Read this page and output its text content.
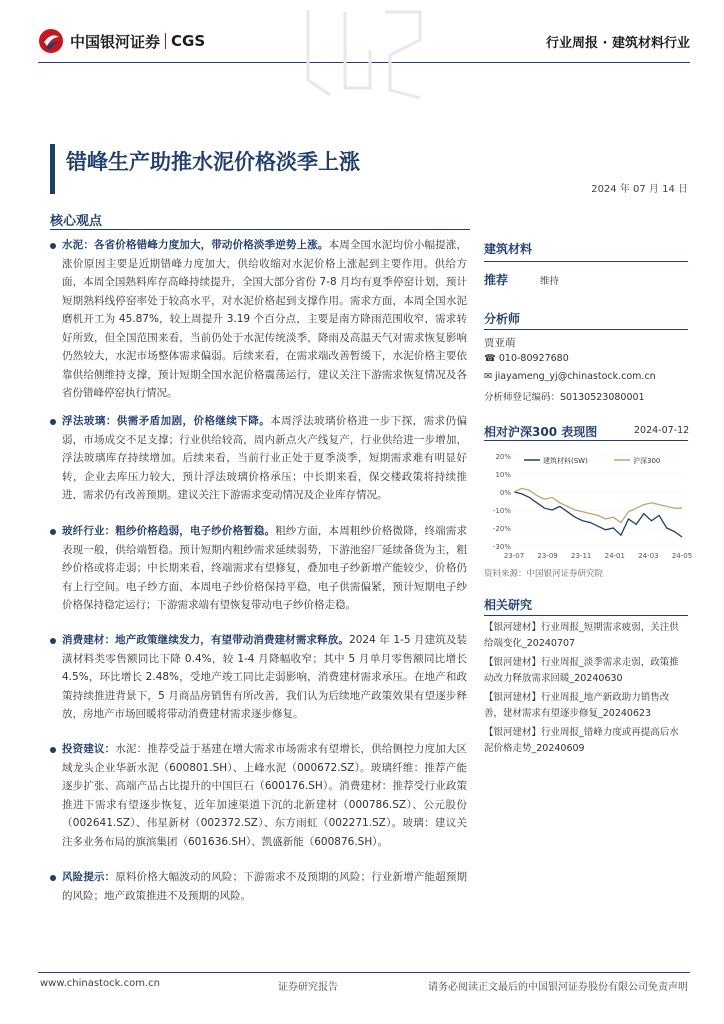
中国银河证券 CGS	行业周报 · 建筑材料行业
错峰生产助推水泥价格淡季上涨
2024 年 07 月 14 日
核心观点
水泥：各省价格错峰力度加大，带动价格淡季逆势上涨。本周全国水泥均价小幅提涨，涨价原因主要是近期错峰力度加大，供给收缩对水泥价格上涨起到主要作用。供给方面，本周全国熟料库存高峰持续提升，全国大部分省份 7-8 月均有夏季停窑计划，预计短期熟料线停窑率处于较高水平，对水泥价格起到支撑作用。需求方面，本周全国水泥磨机开工为 45.87%，较上周提升 3.19 个百分点，主要是南方降雨范围收窄，需求转好所致，但全国范围来看，当前仍处于水泥传统淡季，降雨及高温天气对需求恢复影响仍然较大，水泥市场整体需求偏弱。后续来看，在需求端改善暂缓下，水泥价格主要依靠供给侧维持支撑，预计短期全国水泥价格震荡运行，建议关注下游需求恢复情况及各省份错峰停窑执行情况。
浮法玻璃：供需矛盾加剧，价格继续下降。本周浮法玻璃价格进一步下探，需求仍偏弱，市场成交不足支撑；行业供给较高，周内新点火产线复产，行业供给进一步增加，浮法玻璃库存持续增加。后续来看，当前行业正处于夏季淡季，短期需求难有明显好转，企业去库压力较大，预计浮法玻璃价格承压；中长期来看，保交楼政策将持续推进，需求仍有改善预期。建议关注下游需求变动情况及企业库存情况。
玻纤行业：粗纱价格趋弱，电子纱价格暂稳。粗纱方面，本周粗纱价格微降，终端需求表现一般，供给端暂稳。预计短期内粗纱需求延续弱势，下游池窑厂延续备货为主，粗纱价格或将走弱；中长期来看，终端需求有望修复，叠加电子纱新增产能较少，价格仍有上行空间。电子纱方面，本周电子纱价格保持平稳，电子供需偏紧，预计短期电子纱价格保持稳定运行；下游需求端有望恢复带动电子纱价格走稳。
消费建材：地产政策继续发力，有望带动消费建材需求释放。2024 年 1-5 月建筑及装潢材料类零售额同比下降 0.4%，较 1-4 月降幅收窄；其中 5 月单月零售额同比增长 4.5%，环比增长 2.48%，受地产竣工同比走弱影响，消费建材需求承压。在地产和政策持续推进背景下，5 月商品房销售有所改善，我们认为后续地产政策效果有望逐步释放，房地产市场回暖将带动消费建材需求逐步修复。
投资建议：水泥：推荐受益于基建在增大需求市场需求有望增长，供给侧控力度加大区域龙头企业华新水泥（600801.SH）、上峰水泥（000672.SZ）。玻璃纤维：推荐产能逐步扩张、高端产品占比提升的中国巨石（600176.SH）。消费建材：推荐受行业政策推进下需求有望逐步恢复，近年加速渠道下沉的北新建材（000786.SZ）、公元股份（002641.SZ）、伟星新材（002372.SZ）、东方雨虹（002271.SZ）。玻璃：建议关注多业务布局的旗滨集团（601636.SH）、凯盛新能（600876.SH）。
风险提示：原料价格大幅波动的风险；下游需求不及预期的风险；行业新增产能超预期的风险；地产政策推进不及预期的风险。
建筑材料
推荐	维持
分析师
贾亚萌
☎ 010-80927680
✉ jiayameng_yj@chinastock.com.cn
分析师登记编码：S0130523080001
相对沪深300 表现图	2024-07-12
20%
10%
0%
-10%
-20%
-30%
23-07 23-09 23-11 24-01 24-03 24-05
建筑材料(SW)	沪深300
资料来源：中国银河证券研究院
相关研究
【银河建材】行业周报_短期需求疲弱，关注供给端变化_20240707
【银河建材】行业周报_淡季需求走弱，政策推动改力释放需求回暖_20240630
【银河建材】行业周报_地产新政助力销售改善，建材需求有望逐步修复_20240623
【银河建材】行业周报_错峰力度或再提高后水泥价格走势_20240609
www.chinastock.com.cn	证券研究报告	请务必阅读正文最后的中国银河证券股份有限公司免责声明
